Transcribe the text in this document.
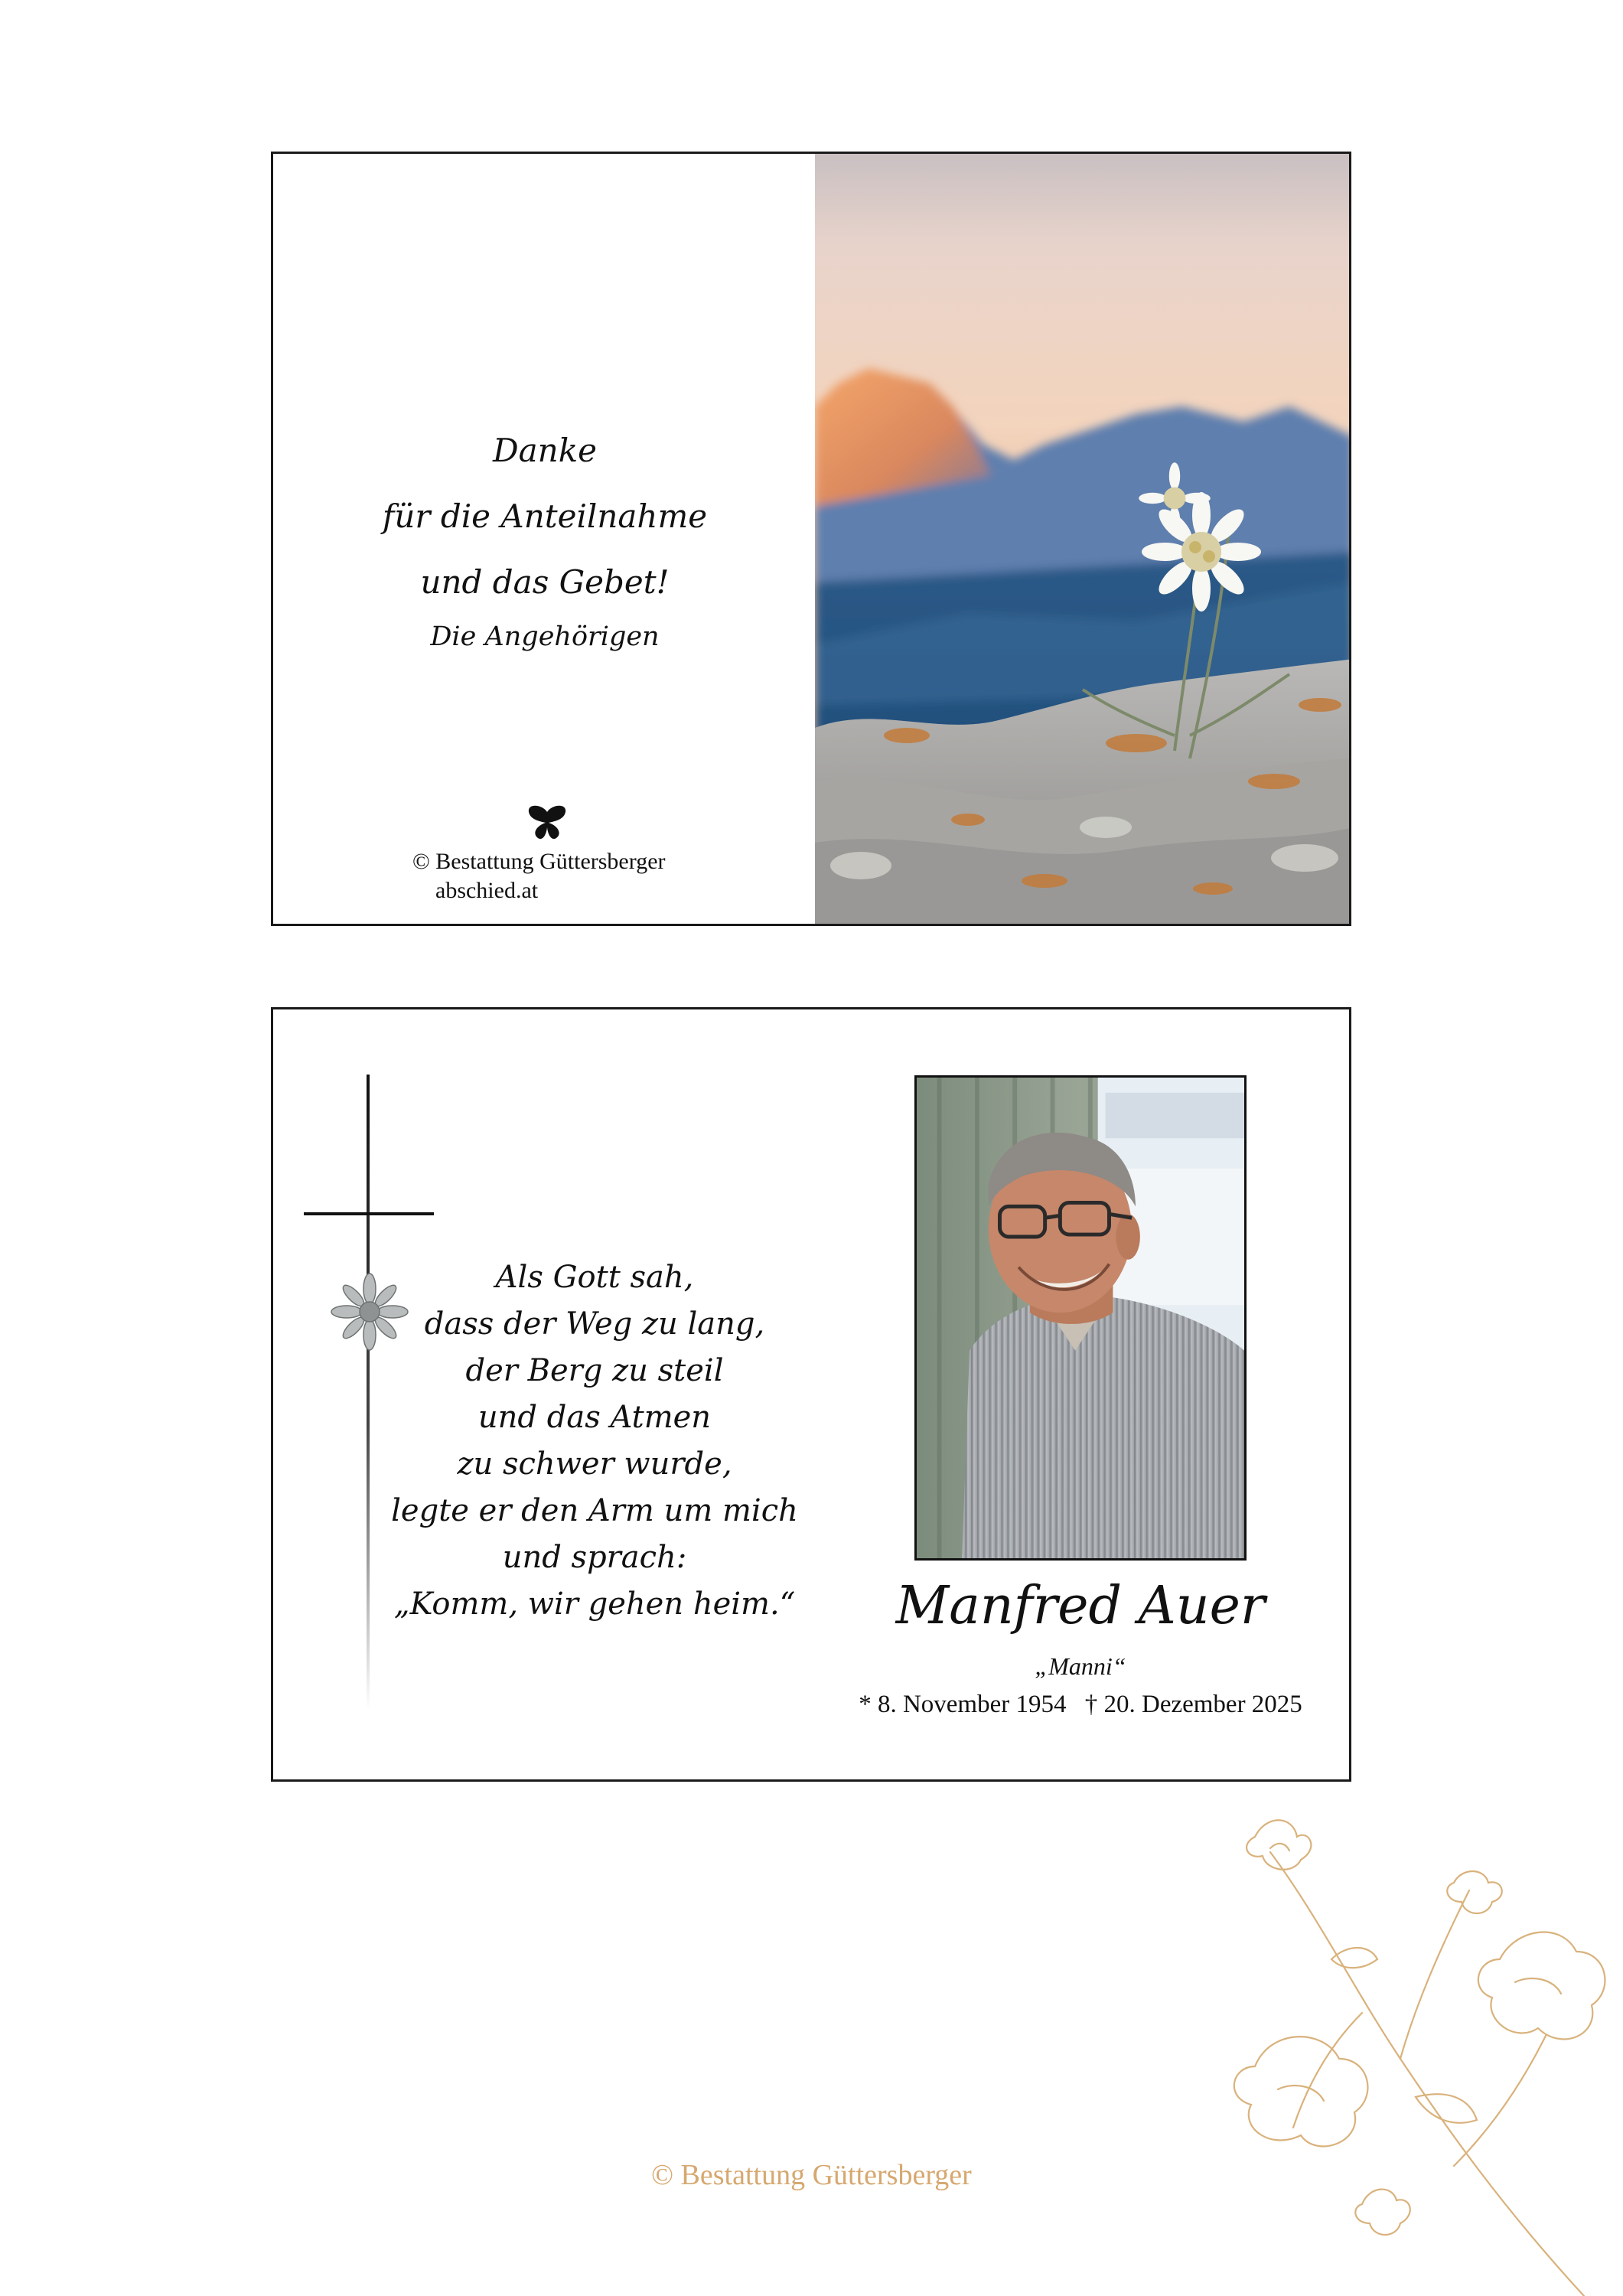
Danke
für die Anteilnahme
und das Gebet!
Die Angehörigen
© Bestattung Güttersberger
abschied.at
Als Gott sah,
dass der Weg zu lang,
der Berg zu steil
und das Atmen
zu schwer wurde,
legte er den Arm um mich
und sprach:
„Komm, wir gehen heim.“	Manfred Auer
„Manni“
* 8. November 1954 † 20. Dezember 2025
© Bestattung Güttersberger
